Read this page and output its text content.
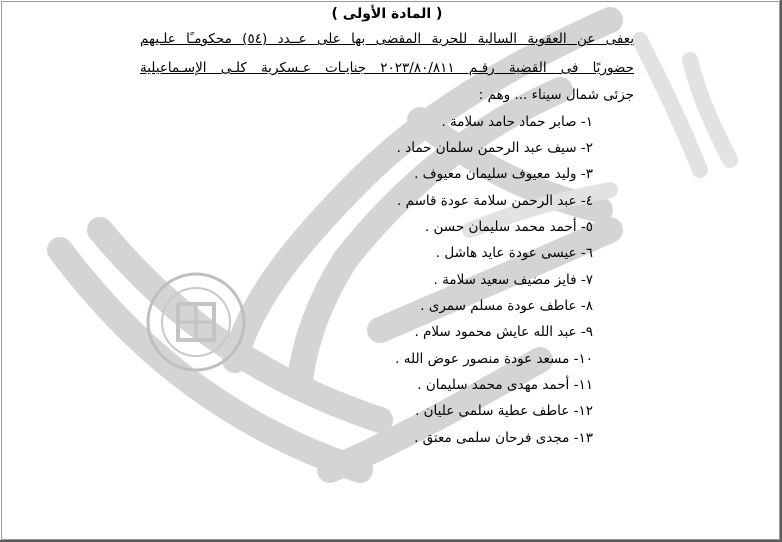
( المادة الأولى )
يعفى عن العقوبة السالبة للحرية المقضى بها على عــدد (٥٤) محكومـًا علـيهم
حضوريًا فى القضية رقـم ٢٠٢٣/٨٠/٨١١ جنايـات عـسكرية كلـى الإسـماعيلية
جزئى شمال سيناء ... وهم :
١- صابر حماد حامد سلامة .
٢- سيف عبد الرحمن سلمان حماد .
٣- وليد معيوف سليمان معيوف .
٤- عبد الرحمن سلامة عودة قاسم .
٥- أحمد محمد سليمان حسن .
٦- عيسى عودة عايد هاشل .
٧- فايز مضيف سعيد سلامة .
٨- عاطف عودة مسلم سمرى .
٩- عبد الله عايش محمود سلام .
١٠- مسعد عودة منصور عوض الله .
١١- أحمد مهدى محمد سليمان .
١٢- عاطف عطية سلمى عليان .
١٣- مجدى فرحان سلمى معتق .
